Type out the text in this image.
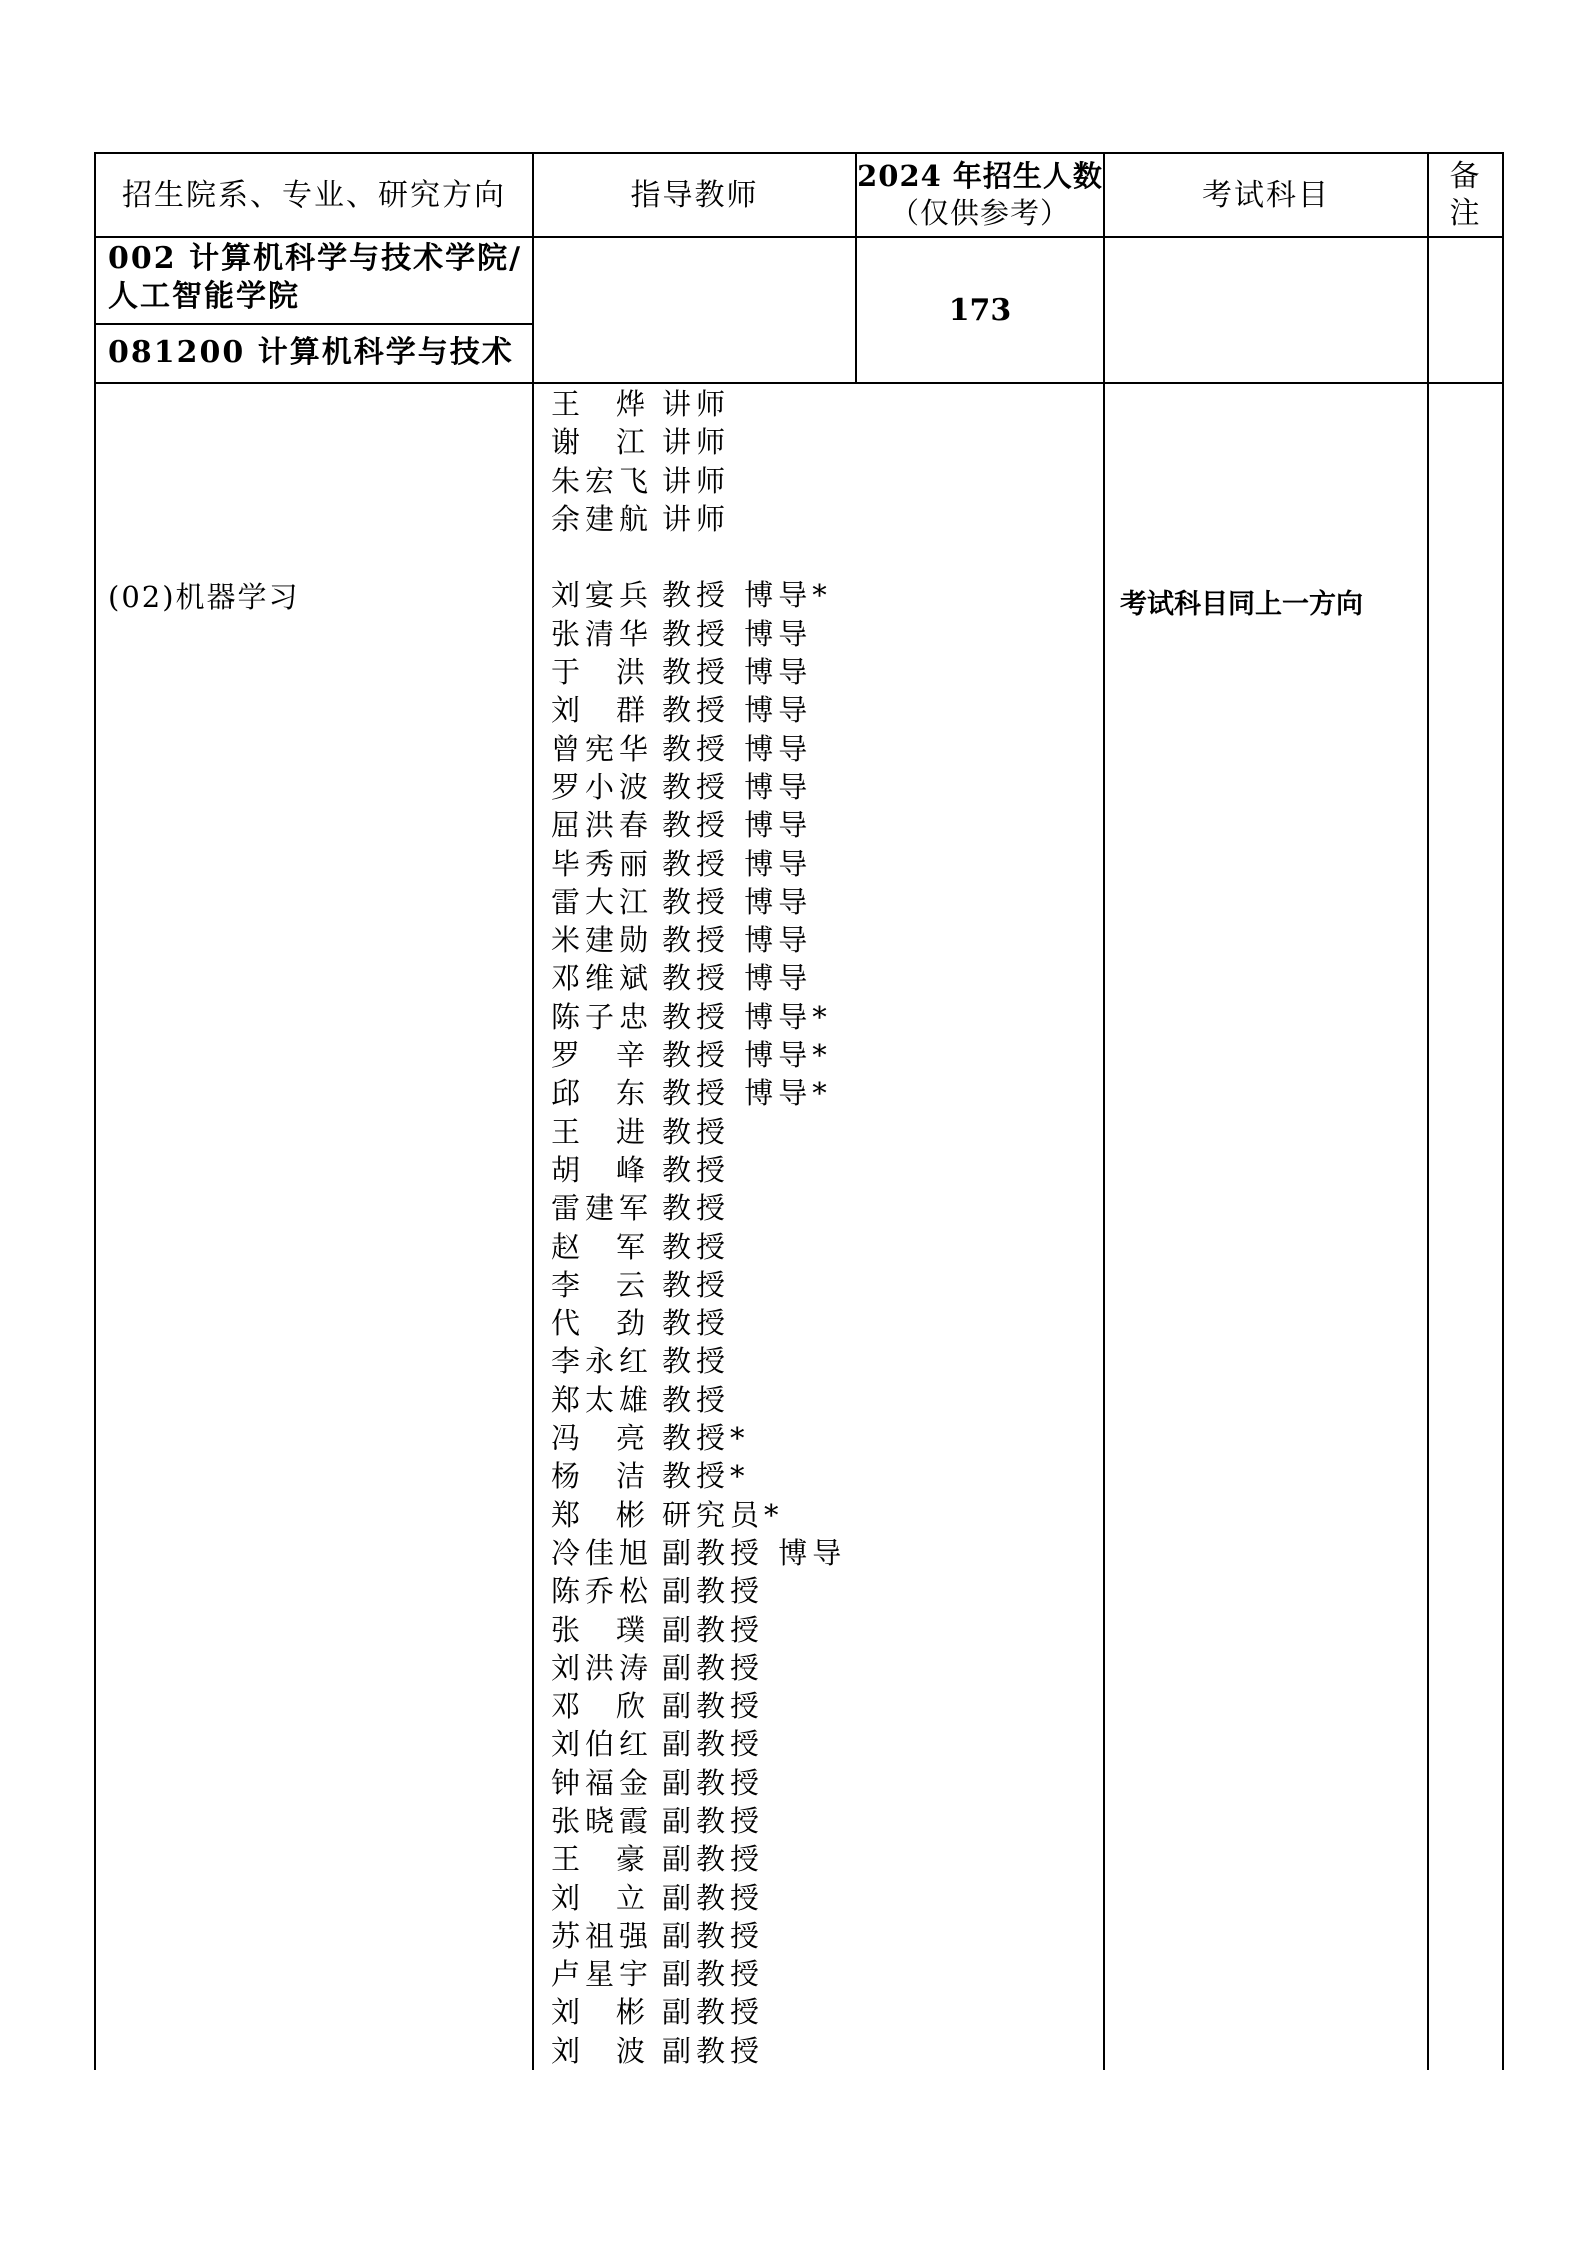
招生院系、专业、研究方向	指导教师
2024 年招生人数
（仅供参考）
考试科目
备
注
002 计算机科学与技术学院/
人工智能学院
081200 计算机科学与技术
173
(02)机器学习	考试科目同上一方向
王烨讲师
谢江讲师
朱宏飞 讲师
余建航 讲师
刘宴兵 教授 博导*
张清华 教授 博导
于洪教授 博导
刘群教授 博导
曾宪华 教授 博导
罗小波 教授 博导
屈洪春 教授 博导
毕秀丽 教授 博导
雷大江 教授 博导
米建勋 教授 博导
邓维斌 教授 博导
陈子忠 教授 博导*
罗辛教授 博导*
邱东教授 博导*
王进教授
胡峰教授
雷建军 教授
赵军教授
李云教授
代劲教授
李永红 教授
郑太雄 教授
冯亮教授*
杨洁教授*
郑彬研究员*
冷佳旭 副教授 博导
陈乔松 副教授
张璞副教授
刘洪涛 副教授
邓欣副教授
刘伯红 副教授
钟福金 副教授
张晓霞 副教授
王豪副教授
刘立副教授
苏祖强 副教授
卢星宇 副教授
刘彬副教授
刘波副教授
